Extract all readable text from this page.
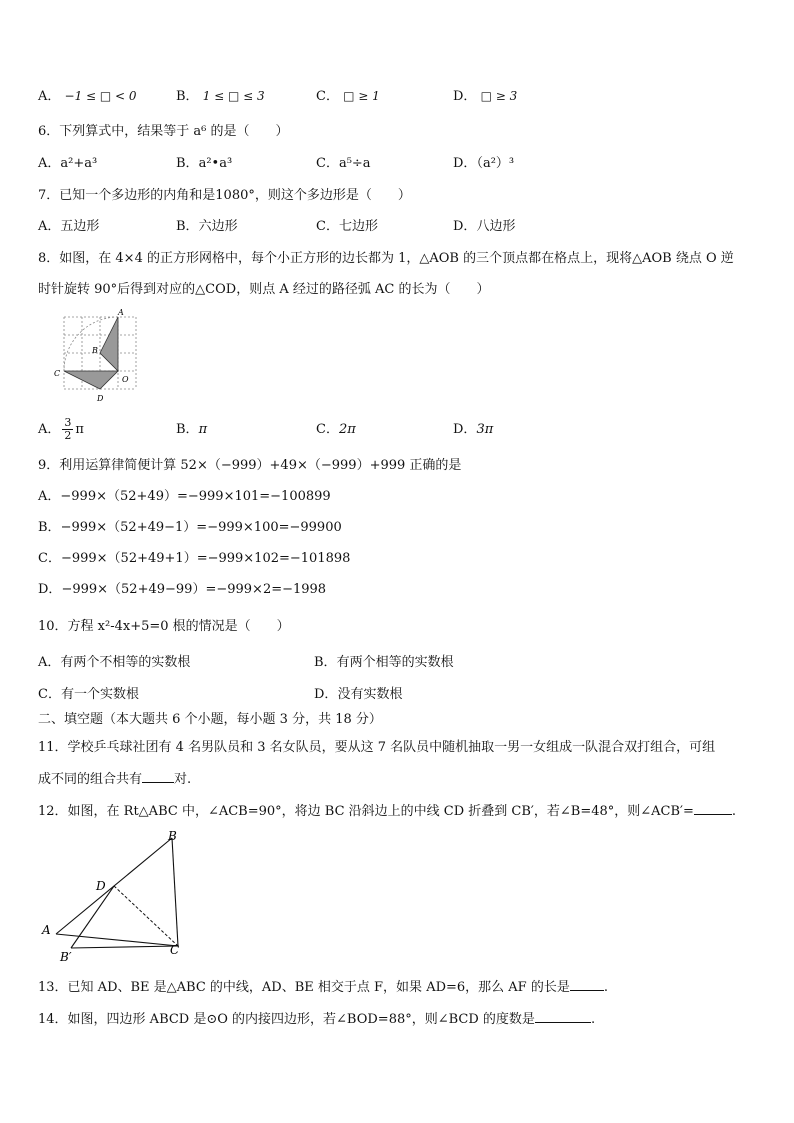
A． −1 ≤ □ < 0	B． 1 ≤ □ ≤ 3	C． □ ≥ 1	D． □ ≥ 3
6．下列算式中，结果等于 a⁶ 的是（　　）
A．a²+a³	B．a²•a³	C．a⁵÷a	D．（a²）³
7．已知一个多边形的内角和是1080°，则这个多边形是（　　）
A．五边形	B．六边形	C．七边形	D．八边形
8．如图，在 4×4 的正方形网格中，每个小正方形的边长都为 1，△AOB 的三个顶点都在格点上，现将△AOB 绕点 O 逆
时针旋转 90°后得到对应的△COD，则点 A 经过的路径弧 AC 的长为（　　）
A
B
C
O
D
A． $\frac{3}{2}$ π	B．π	C．2π	D．3π
9．利用运算律简便计算 52×（−999）+49×（−999）+999 正确的是
A．−999×（52+49）=−999×101=−100899
B．−999×（52+49−1）=−999×100=−99900
C．−999×（52+49+1）=−999×102=−101898
D．−999×（52+49−99）=−999×2=−1998
10．方程 x²-4x+5=0 根的情况是（　　）
A．有两个不相等的实数根	B．有两个相等的实数根
C．有一个实数根	D．没有实数根
二、填空题（本大题共 6 个小题，每小题 3 分，共 18 分）
11．学校乒乓球社团有 4 名男队员和 3 名女队员，要从这 7 名队员中随机抽取一男一女组成一队混合双打组合，可组
成不同的组合共有 对.
12．如图，在 Rt△ABC 中，∠ACB=90°，将边 BC 沿斜边上的中线 CD 折叠到 CB′，若∠B=48°，则∠ACB′=	.
A
B
D
C
B′
13．已知 AD、BE 是△ABC 的中线，AD、BE 相交于点 F，如果 AD=6，那么 AF 的长是	.
14．如图，四边形 ABCD 是⊙O 的内接四边形，若∠BOD=88°，则∠BCD 的度数是	.
